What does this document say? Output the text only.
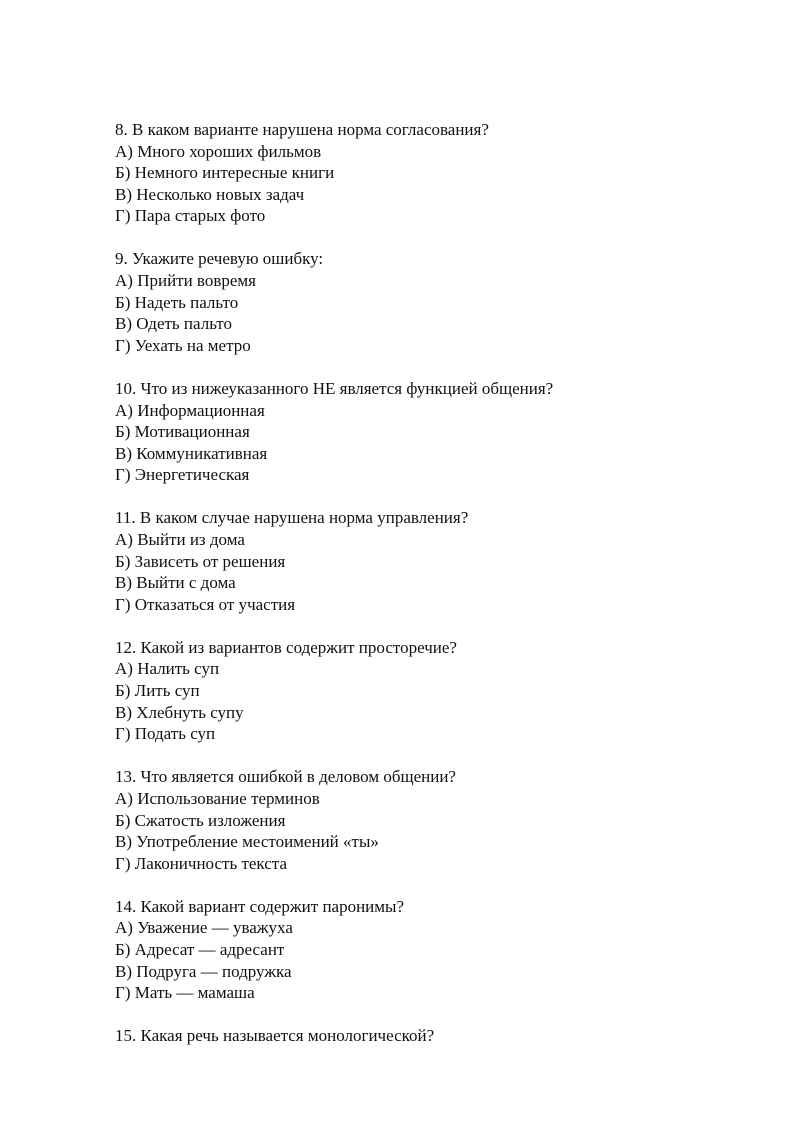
8. В каком варианте нарушена норма согласования?
А) Много хороших фильмов
Б) Немного интересные книги
В) Несколько новых задач
Г) Пара старых фото
9. Укажите речевую ошибку:
А) Прийти вовремя
Б) Надеть пальто
В) Одеть пальто
Г) Уехать на метро
10. Что из нижеуказанного НЕ является функцией общения?
А) Информационная
Б) Мотивационная
В) Коммуникативная
Г) Энергетическая
11. В каком случае нарушена норма управления?
А) Выйти из дома
Б) Зависеть от решения
В) Выйти с дома
Г) Отказаться от участия
12. Какой из вариантов содержит просторечие?
А) Налить суп
Б) Лить суп
В) Хлебнуть супу
Г) Подать суп
13. Что является ошибкой в деловом общении?
А) Использование терминов
Б) Сжатость изложения
В) Употребление местоимений «ты»
Г) Лаконичность текста
14. Какой вариант содержит паронимы?
А) Уважение — уважуха
Б) Адресат — адресант
В) Подруга — подружка
Г) Мать — мамаша
15. Какая речь называется монологической?
